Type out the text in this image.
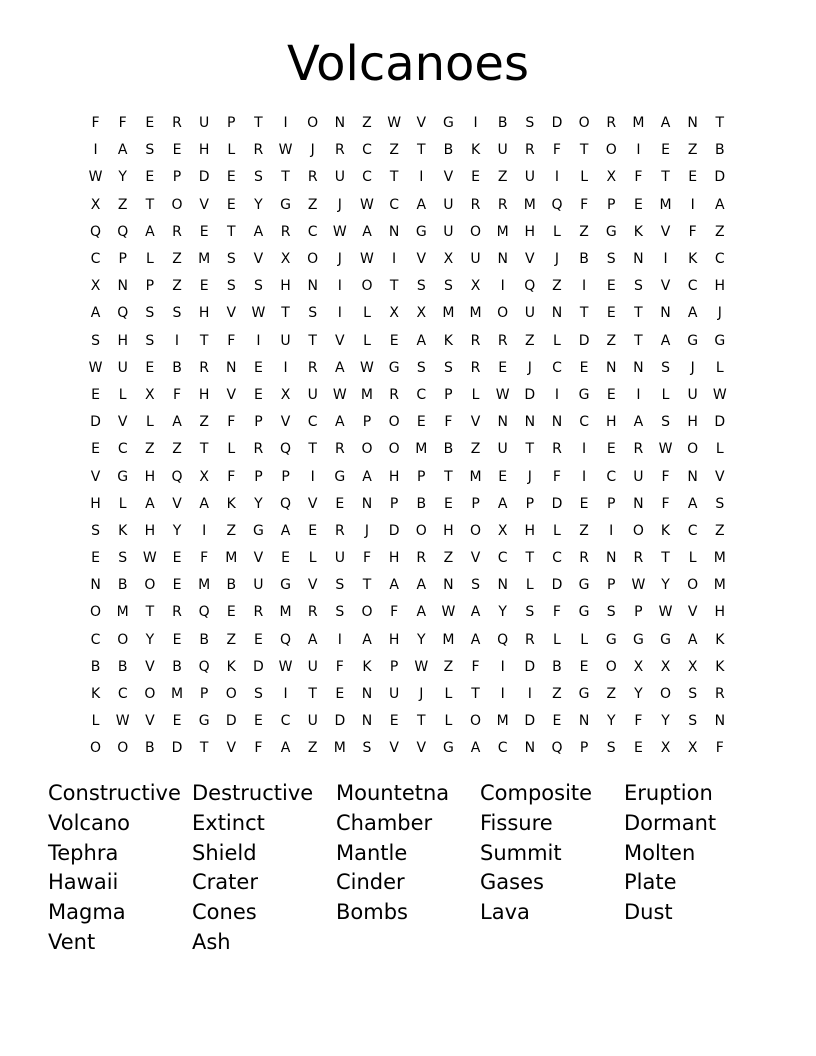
Volcanoes
F	F	E	R	U	P	T	I	O	N	Z	W	V	G	I	B	S	D	O	R	M	A	N	T
I	A	S	E	H	L	R	W	J	R	C	Z	T	B	K	U	R	F	T	O	I	E	Z	B
W	Y	E	P	D	E	S	T	R	U	C	T	I	V	E	Z	U	I	L	X	F	T	E	D
X	Z	T	O	V	E	Y	G	Z	J	W	C	A	U	R	R	M	Q	F	P	E	M	I	A
Q	Q	A	R	E	T	A	R	C	W	A	N	G	U	O	M	H	L	Z	G	K	V	F	Z
C	P	L	Z	M	S	V	X	O	J	W	I	V	X	U	N	V	J	B	S	N	I	K	C
X	N	P	Z	E	S	S	H	N	I	O	T	S	S	X	I	Q	Z	I	E	S	V	C	H
A	Q	S	S	H	V	W	T	S	I	L	X	X	M	M	O	U	N	T	E	T	N	A	J
S	H	S	I	T	F	I	U	T	V	L	E	A	K	R	R	Z	L	D	Z	T	A	G	G
W	U	E	B	R	N	E	I	R	A	W	G	S	S	R	E	J	C	E	N	N	S	J	L
E	L	X	F	H	V	E	X	U	W	M	R	C	P	L	W	D	I	G	E	I	L	U	W
D	V	L	A	Z	F	P	V	C	A	P	O	E	F	V	N	N	N	C	H	A	S	H	D
E	C	Z	Z	T	L	R	Q	T	R	O	O	M	B	Z	U	T	R	I	E	R	W	O	L
V	G	H	Q	X	F	P	P	I	G	A	H	P	T	M	E	J	F	I	C	U	F	N	V
H	L	A	V	A	K	Y	Q	V	E	N	P	B	E	P	A	P	D	E	P	N	F	A	S
S	K	H	Y	I	Z	G	A	E	R	J	D	O	H	O	X	H	L	Z	I	O	K	C	Z
E	S	W	E	F	M	V	E	L	U	F	H	R	Z	V	C	T	C	R	N	R	T	L	M
N	B	O	E	M	B	U	G	V	S	T	A	A	N	S	N	L	D	G	P	W	Y	O	M
O	M	T	R	Q	E	R	M	R	S	O	F	A	W	A	Y	S	F	G	S	P	W	V	H
C	O	Y	E	B	Z	E	Q	A	I	A	H	Y	M	A	Q	R	L	L	G	G	G	A	K
B	B	V	B	Q	K	D	W	U	F	K	P	W	Z	F	I	D	B	E	O	X	X	X	K
K	C	O	M	P	O	S	I	T	E	N	U	J	L	T	I	I	Z	G	Z	Y	O	S	R
L	W	V	E	G	D	E	C	U	D	N	E	T	L	O	M	D	E	N	Y	F	Y	S	N
O	O	B	D	T	V	F	A	Z	M	S	V	V	G	A	C	N	Q	P	S	E	X	X	F
Constructive Destructive	Mountetna	Composite	Eruption
Volcano	Extinct	Chamber	Fissure	Dormant
Tephra	Shield	Mantle	Summit	Molten
Hawaii	Crater	Cinder	Gases	Plate
Magma	Cones	Bombs	Lava	Dust
Vent	Ash
